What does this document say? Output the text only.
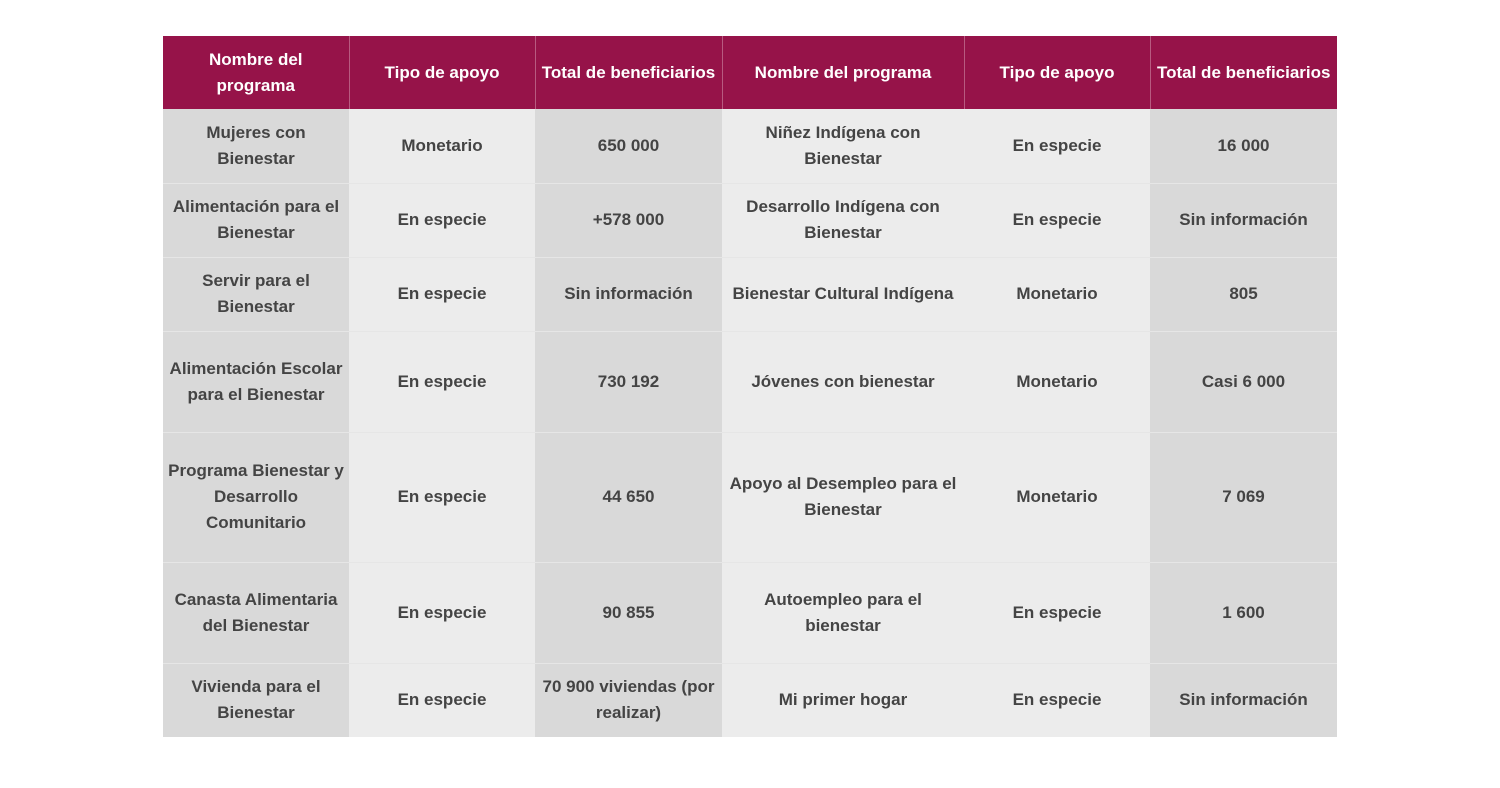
Nombre del programa	Tipo de apoyo	Total de beneficiarios	Nombre del programa	Tipo de apoyo	Total de beneficiarios
Mujeres con Bienestar	Monetario	650 000	Niñez Indígena con Bienestar	En especie	16 000
Alimentación para el Bienestar	En especie	+578 000	Desarrollo Indígena con Bienestar	En especie	Sin información
Servir para el Bienestar	En especie	Sin información	Bienestar Cultural Indígena	Monetario	805
Alimentación Escolar para el Bienestar	En especie	730 192	Jóvenes con bienestar	Monetario	Casi 6 000
Programa Bienestar y Desarrollo Comunitario	En especie	44 650	Apoyo al Desempleo para el Bienestar	Monetario	7 069
Canasta Alimentaria del Bienestar	En especie	90 855	Autoempleo para el bienestar	En especie	1 600
Vivienda para el Bienestar	En especie	70 900 viviendas (por realizar)	Mi primer hogar	En especie	Sin información
